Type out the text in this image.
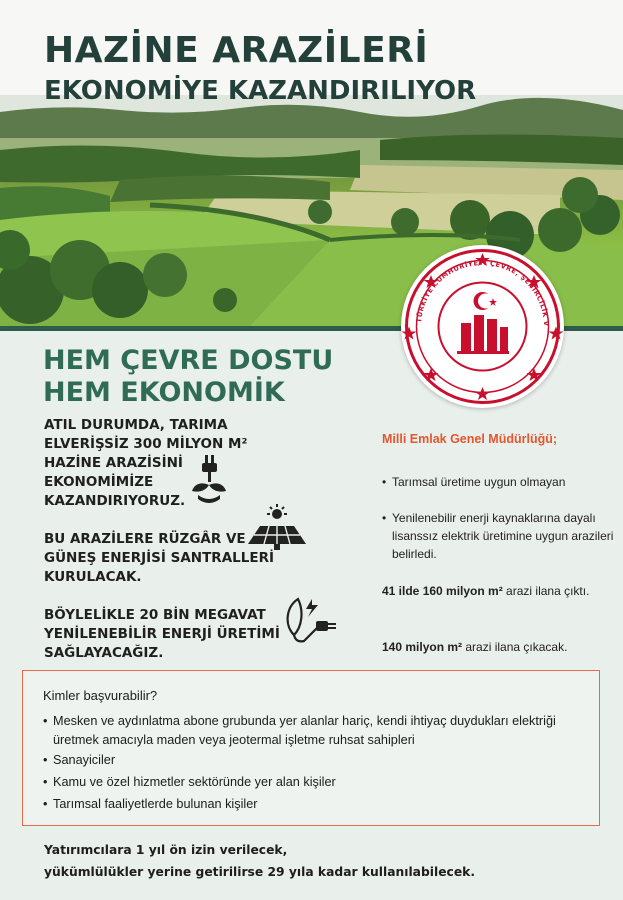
HAZİNE ARAZİLERİ
EKONOMİYE KAZANDIRILIYOR
TÜRKİYE CUMHURİYETİ ÇEVRE, ŞEHİRCİLİK V
HEM ÇEVRE DOSTU
HEM EKONOMİK
ATIL DURUMDA, TARIMA
ELVERİŞSİZ 300 MİLYON M²
HAZİNE ARAZİSİNİ
EKONOMİMİZE
KAZANDIRIYORUZ.
BU ARAZİLERE RÜZGÂR VE
GÜNEŞ ENERJİSİ SANTRALLERİ
KURULACAK.
BÖYLELİKLE 20 BİN MEGAVAT
YENİLENEBİLİR ENERJİ ÜRETİMİ
SAĞLAYACAĞIZ.
Milli Emlak Genel Müdürlüğü;
• Tarımsal üretime uygun olmayan
• Yenilenebilir enerji kaynaklarına dayalı lisanssız elektrik üretimine uygun arazileri belirledi.
41 ilde 160 milyon m² arazi ilana çıktı.
140 milyon m² arazi ilana çıkacak.
Kimler başvurabilir?
• Mesken ve aydınlatma abone grubunda yer alanlar hariç, kendi ihtiyaç duydukları elektriği üretmek amacıyla maden veya jeotermal işletme ruhsat sahipleri
• Sanayiciler
• Kamu ve özel hizmetler sektöründe yer alan kişiler
• Tarımsal faaliyetlerde bulunan kişiler
Yatırımcılara 1 yıl ön izin verilecek,
yükümlülükler yerine getirilirse 29 yıla kadar kullanılabilecek.
